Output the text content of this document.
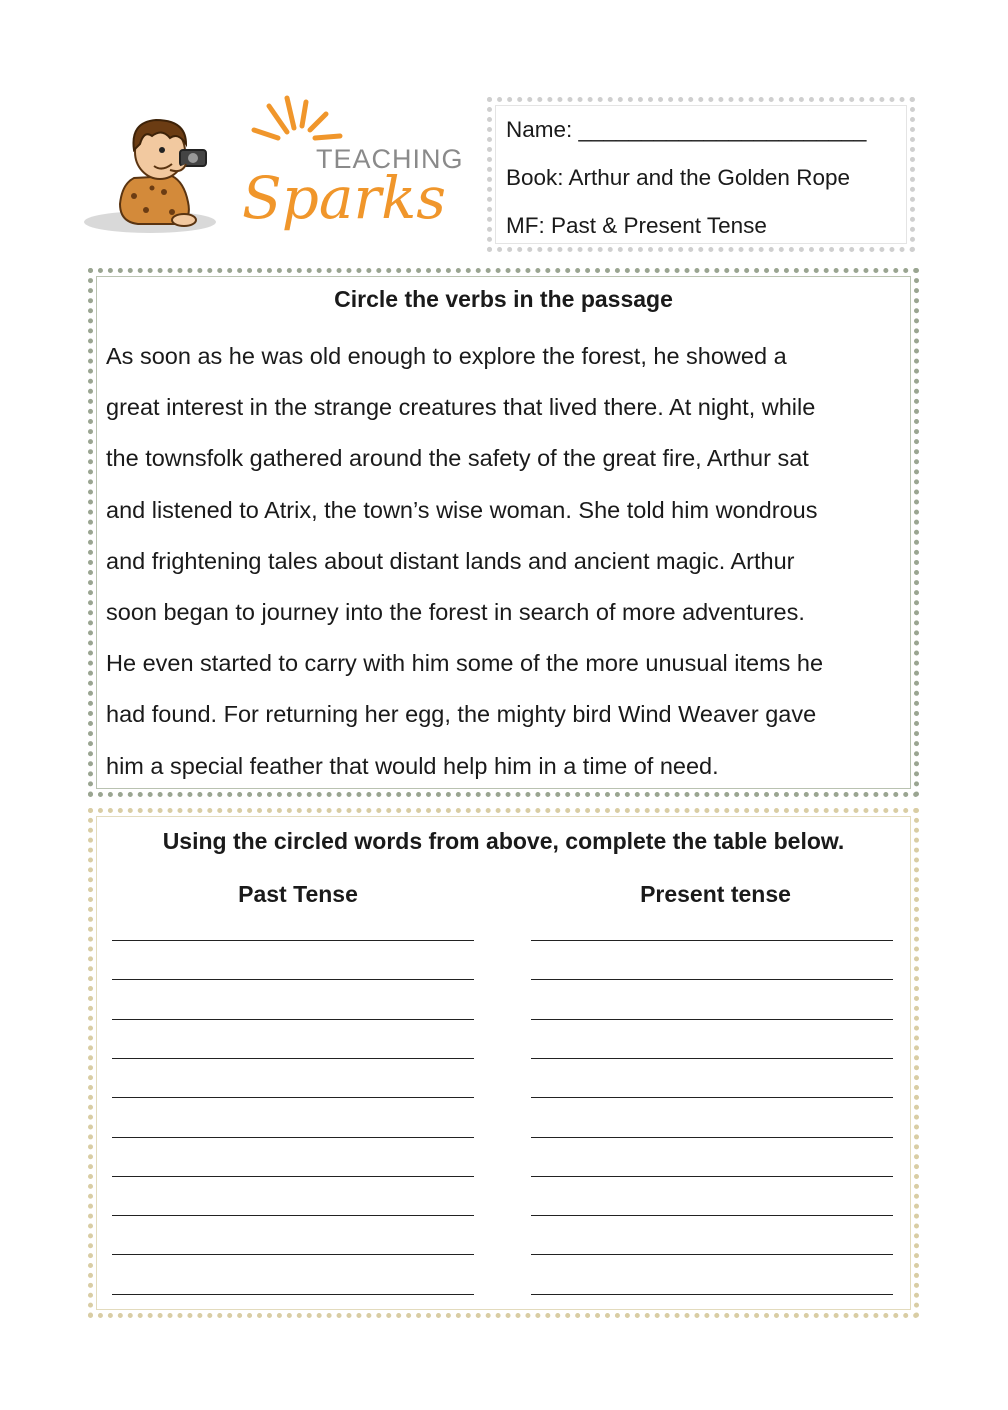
TEACHING
Sparks
Name: _______________________
Book: Arthur and the Golden Rope
MF: Past & Present Tense
Circle the verbs in the passage
As soon as he was old enough to explore the forest, he showed a
great interest in the strange creatures that lived there. At night, while
the townsfolk gathered around the safety of the great fire, Arthur sat
and listened to Atrix, the town’s wise woman. She told him wondrous
and frightening tales about distant lands and ancient magic. Arthur
soon began to journey into the forest in search of more adventures.
He even started to carry with him some of the more unusual items he
had found. For returning her egg, the mighty bird Wind Weaver gave
him a special feather that would help him in a time of need.
Using the circled words from above, complete the table below.
Past Tense	Present tense
